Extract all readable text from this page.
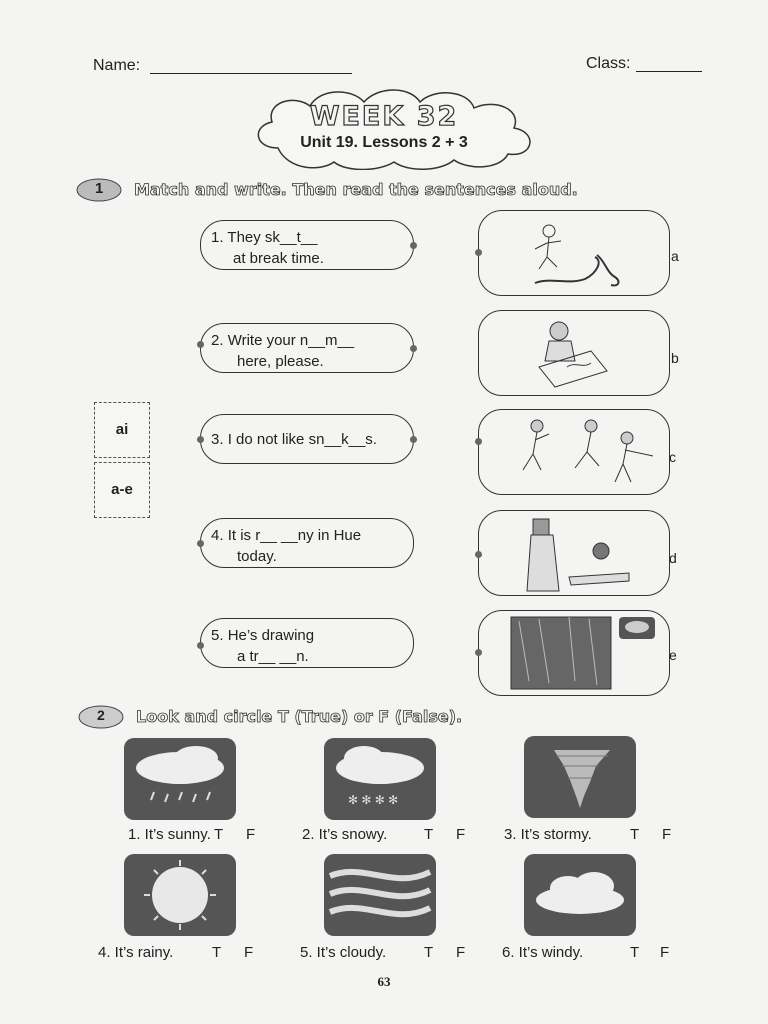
Name:	Class:
WEEK 32
Unit 19. Lessons 2 + 3
1 Match and write. Then read the sentences aloud.
1. They sk__t__
at break time.
2. Write your n__m__
here, please.
3. I do not like sn__k__s.
4. It is r__ __ny in Hue
today.
5. He’s drawing
a tr__ __n.
ai
a-e
a
b
c
d
e
2 Look and circle T (True) or F (False).
✻ ✻ ✻ ✻
1. It’s sunny. T F	2. It’s snowy. T F	3. It’s stormy.	T F
4. It’s rainy.	T F	5. It’s cloudy.	T F 6. It’s windy.	T F
63
